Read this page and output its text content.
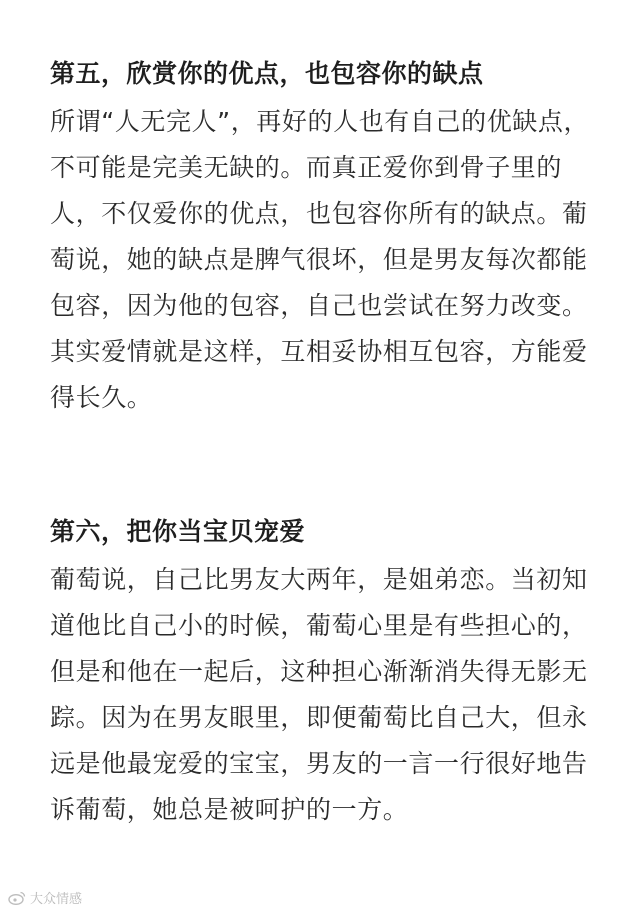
第五，欣赏你的优点，也包容你的缺点
所谓“人无完人”，再好的人也有自己的优缺点，
不可能是完美无缺的。而真正爱你到骨子里的
人，不仅爱你的优点，也包容你所有的缺点。葡
萄说，她的缺点是脾气很坏，但是男友每次都能
包容，因为他的包容，自己也尝试在努力改变。
其实爱情就是这样，互相妥协相互包容，方能爱
得长久。
第六，把你当宝贝宠爱
葡萄说，自己比男友大两年，是姐弟恋。当初知
道他比自己小的时候，葡萄心里是有些担心的，
但是和他在一起后，这种担心渐渐消失得无影无
踪。因为在男友眼里，即便葡萄比自己大，但永
远是他最宠爱的宝宝，男友的一言一行很好地告
诉葡萄，她总是被呵护的一方。
大众情感
